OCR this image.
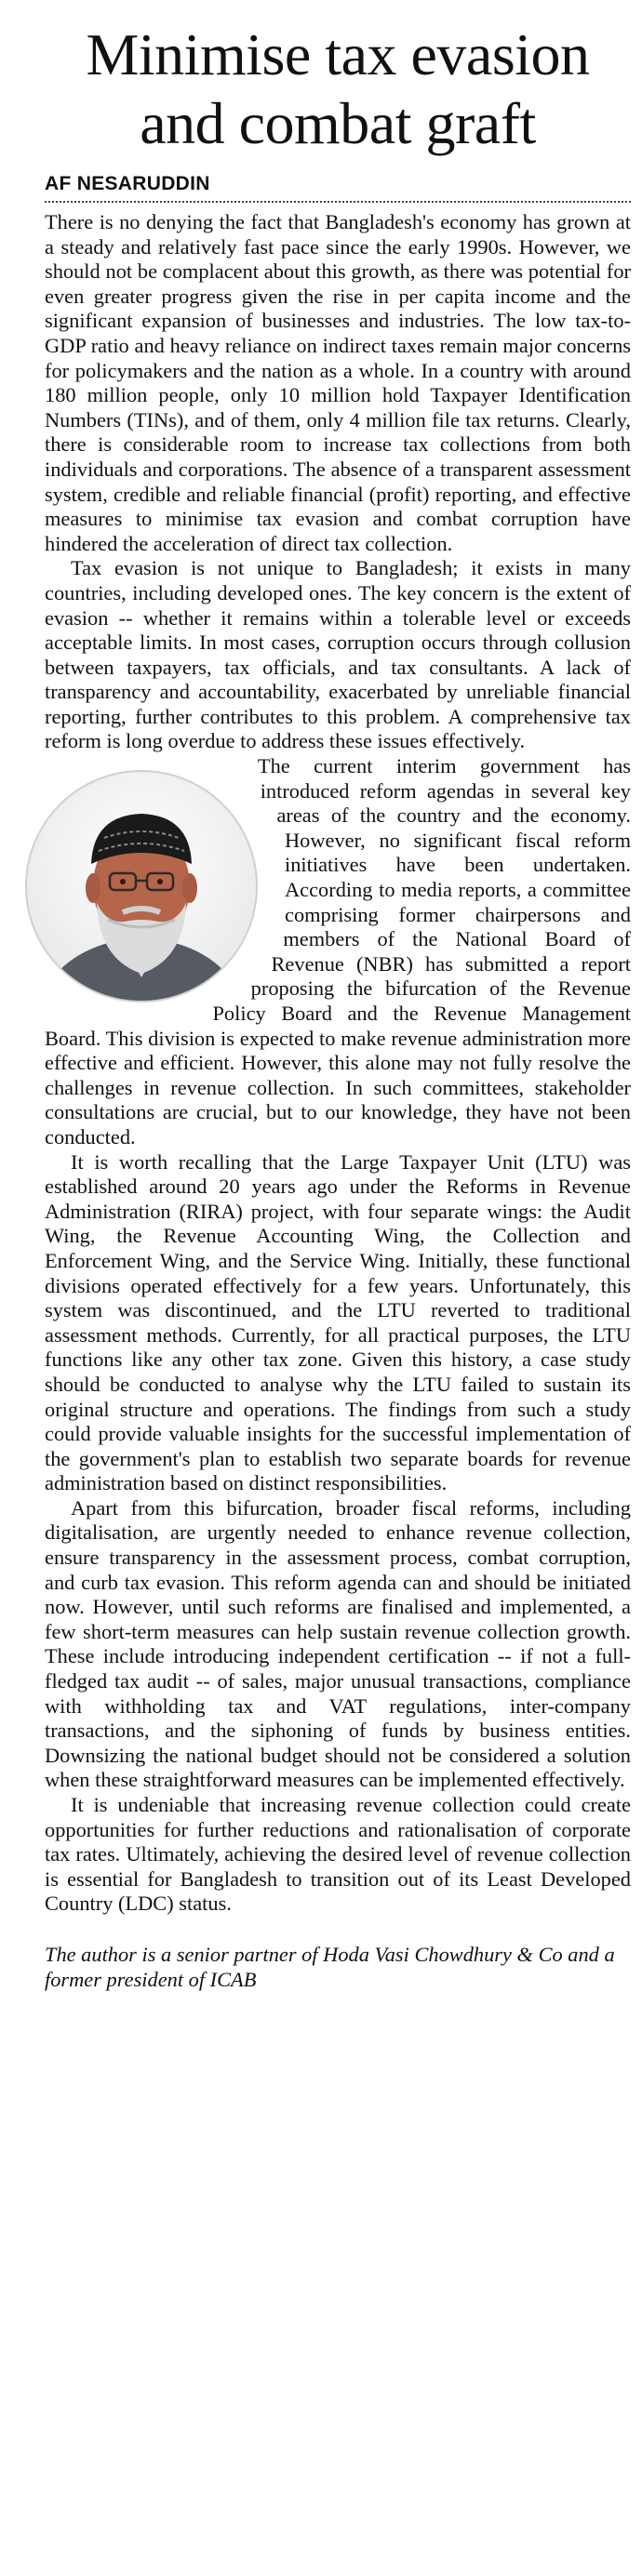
Minimise tax evasion and combat graft
AF NESARUDDIN

There is no denying the fact that Bangladesh's economy has grown at a steady and relatively fast pace since the early 1990s. However, we should not be complacent about this growth, as there was potential for even greater progress given the rise in per capita income and the significant expansion of businesses and industries. The low tax-to-GDP ratio and heavy reliance on indirect taxes remain major concerns for policymakers and the nation as a whole. In a country with around 180 million people, only 10 million hold Taxpayer Identification Numbers (TINs), and of them, only 4 million file tax returns. Clearly, there is considerable room to increase tax collections from both individuals and corporations. The absence of a transparent assessment system, credible and reliable financial (profit) reporting, and effective measures to minimise tax evasion and combat corruption have hindered the acceleration of direct tax collection.

Tax evasion is not unique to Bangladesh; it exists in many countries, including developed ones. The key concern is the extent of evasion -- whether it remains within a tolerable level or exceeds acceptable limits. In most cases, corruption occurs through collusion between taxpayers, tax officials, and tax consultants. A lack of transparency and accountability, exacerbated by unreliable financial reporting, further contributes to this problem. A comprehensive tax reform is long overdue to address these issues effectively.

The current interim government has introduced reform agendas in several key areas of the country and the economy. However, no significant fiscal reform initiatives have been undertaken. According to media reports, a committee comprising former chairpersons and members of the National Board of Revenue (NBR) has submitted a report proposing the bifurcation of the Revenue Policy Board and the Revenue Management Board. This division is expected to make revenue administration more effective and efficient. However, this alone may not fully resolve the challenges in revenue collection. In such committees, stakeholder consultations are crucial, but to our knowledge, they have not been conducted.

It is worth recalling that the Large Taxpayer Unit (LTU) was established around 20 years ago under the Reforms in Revenue Administration (RIRA) project, with four separate wings: the Audit Wing, the Revenue Accounting Wing, the Collection and Enforcement Wing, and the Service Wing. Initially, these functional divisions operated effectively for a few years. Unfortunately, this system was discontinued, and the LTU reverted to traditional assessment methods. Currently, for all practical purposes, the LTU functions like any other tax zone. Given this history, a case study should be conducted to analyse why the LTU failed to sustain its original structure and operations. The findings from such a study could provide valuable insights for the successful implementation of the government's plan to establish two separate boards for revenue administration based on distinct responsibilities.

Apart from this bifurcation, broader fiscal reforms, including digitalisation, are urgently needed to enhance revenue collection, ensure transparency in the assessment process, combat corruption, and curb tax evasion. This reform agenda can and should be initiated now. However, until such reforms are finalised and implemented, a few short-term measures can help sustain revenue collection growth. These include introducing independent certification -- if not a full-fledged tax audit -- of sales, major unusual transactions, compliance with withholding tax and VAT regulations, inter-company transactions, and the siphoning of funds by business entities. Downsizing the national budget should not be considered a solution when these straightforward measures can be implemented effectively.

It is undeniable that increasing revenue collection could create opportunities for further reductions and rationalisation of corporate tax rates. Ultimately, achieving the desired level of revenue collection is essential for Bangladesh to transition out of its Least Developed Country (LDC) status.

The author is a senior partner of Hoda Vasi Chowdhury & Co and a former president of ICAB
